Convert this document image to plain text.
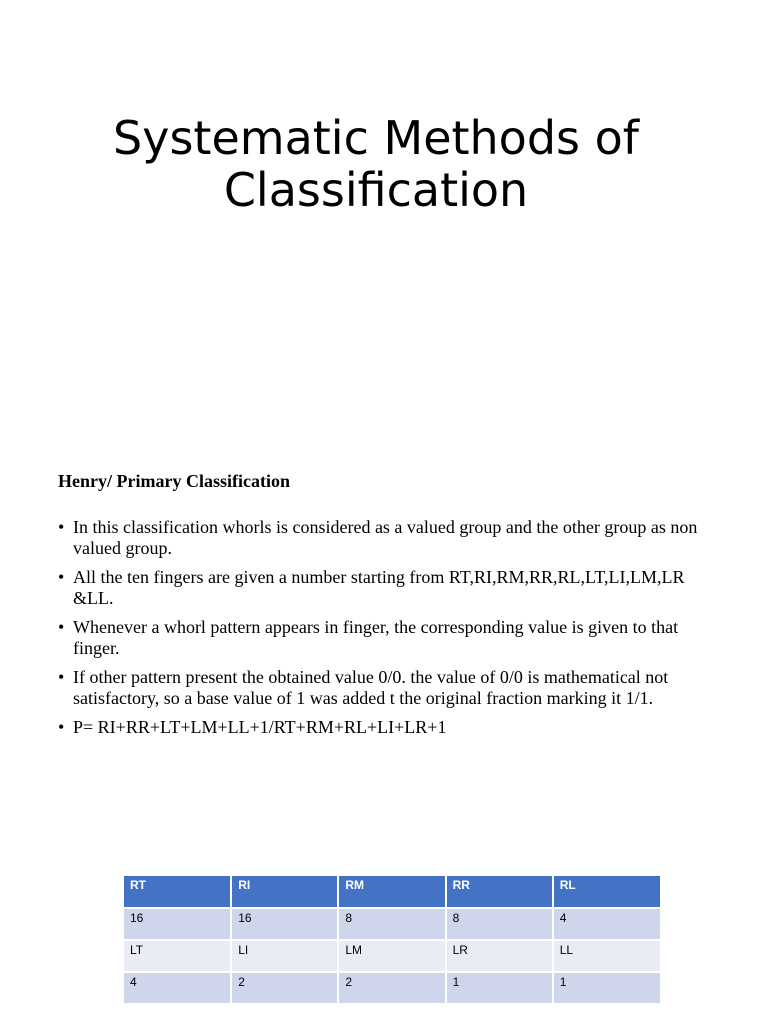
Systematic Methods of
Classification
Henry/ Primary Classification
• In this classification whorls is considered as a valued group and the other group as non valued group.
• All the ten fingers are given a number starting from RT,RI,RM,RR,RL,LT,LI,LM,LR &LL.
• Whenever a whorl pattern appears in finger, the corresponding value is given to that finger.
• If other pattern present the obtained value 0/0. the value of 0/0 is mathematical not satisfactory, so a base value of 1 was added t the original fraction marking it 1/1.
• P= RI+RR+LT+LM+LL+1/RT+RM+RL+LI+LR+1
RT	RI	RM	RR	RL
16	16	8	8	4
LT	LI	LM	LR	LL
4	2	2	1	1
